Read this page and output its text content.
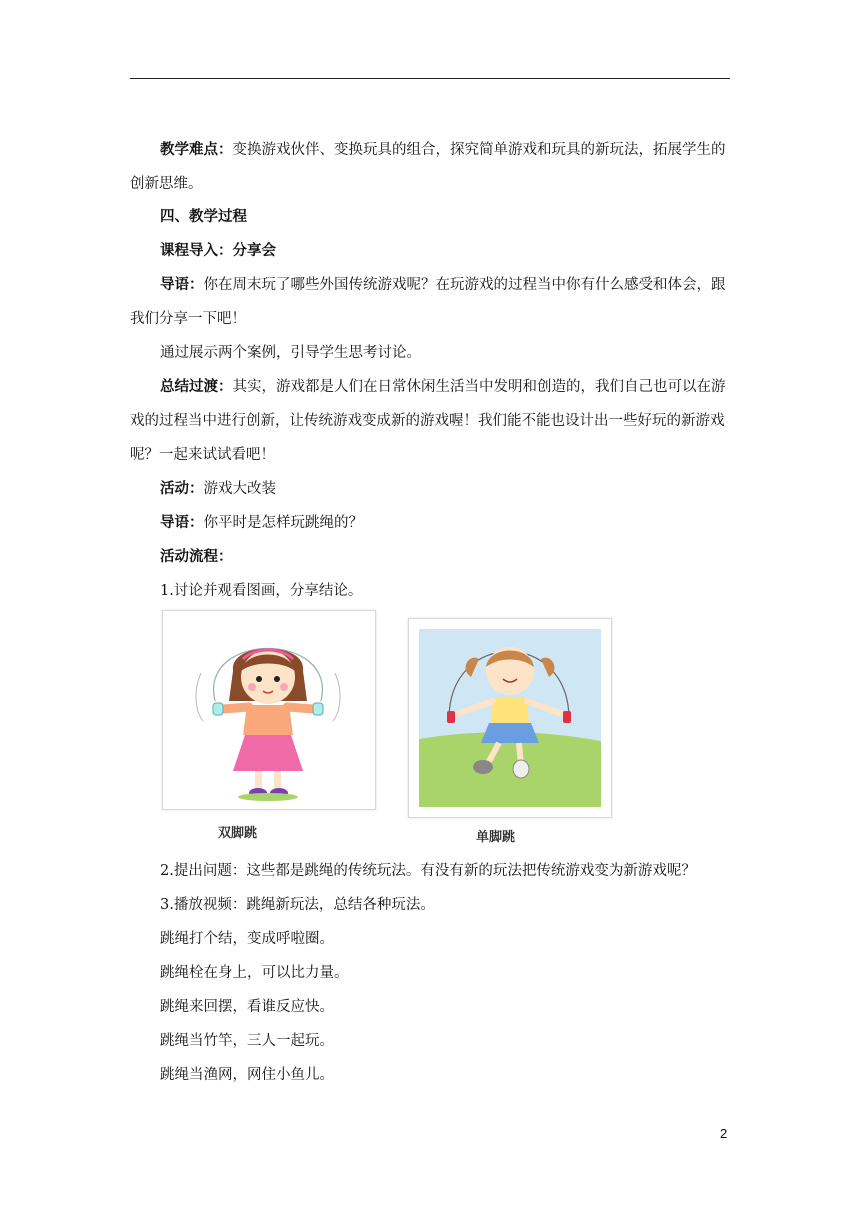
教学难点：变换游戏伙伴、变换玩具的组合，探究简单游戏和玩具的新玩法，拓展学生的创新思维。
四、教学过程
课程导入：分享会
导语：你在周末玩了哪些外国传统游戏呢？在玩游戏的过程当中你有什么感受和体会，跟我们分享一下吧！
通过展示两个案例，引导学生思考讨论。
总结过渡：其实，游戏都是人们在日常休闲生活当中发明和创造的，我们自己也可以在游戏的过程当中进行创新，让传统游戏变成新的游戏喔！我们能不能也设计出一些好玩的新游戏呢？一起来试试看吧！
活动：游戏大改装
导语：你平时是怎样玩跳绳的？
活动流程：
1.讨论并观看图画，分享结论。
双脚跳	单脚跳
2.提出问题：这些都是跳绳的传统玩法。有没有新的玩法把传统游戏变为新游戏呢？
3.播放视频：跳绳新玩法，总结各种玩法。
跳绳打个结，变成呼啦圈。
跳绳栓在身上，可以比力量。
跳绳来回摆，看谁反应快。
跳绳当竹竿，三人一起玩。
跳绳当渔网，网住小鱼儿。
2
